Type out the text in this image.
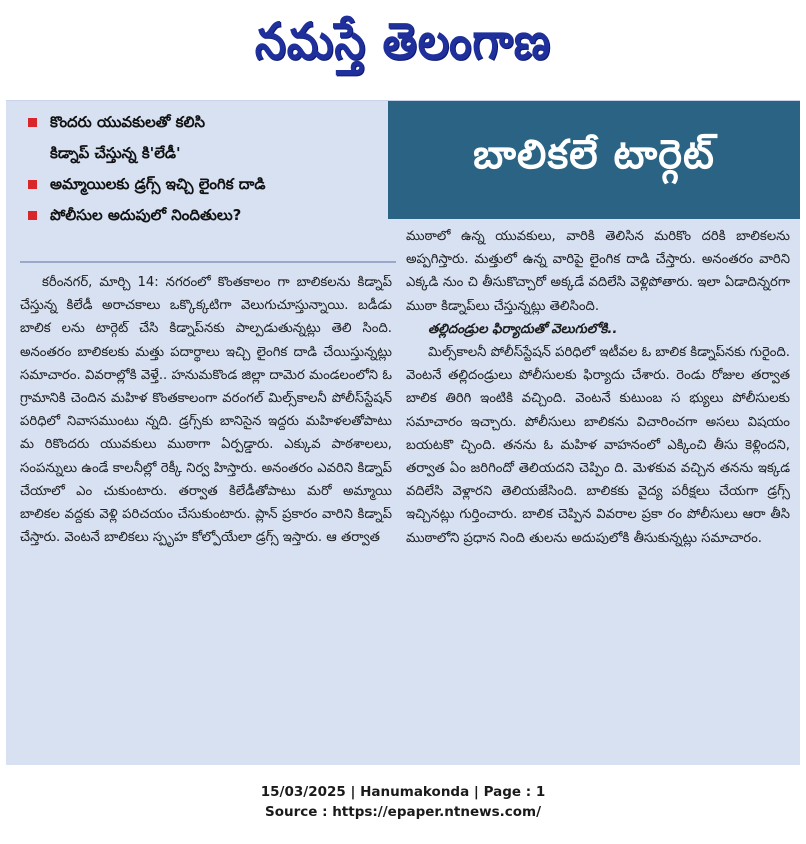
నమస్తే తెలంగాణ
కొందరు యువకులతో కలిసి
కిడ్నాప్ చేస్తున్న కి'లేడీ'
అమ్మాయిలకు డ్రగ్స్ ఇచ్చి లైంగిక దాడి
పోలీసుల అదుపులో నిందితులు?
బాలికలే టార్గెట్
కరీంనగర్, మార్చి 14: నగరంలో కొంతకాలం గా బాలికలను కిడ్నాప్ చేస్తున్న కిలేడీ అరాచకాలు ఒక్కొక్కటిగా వెలుగుచూస్తున్నాయి. బడీడు బాలిక లను టార్గెట్ చేసి కిడ్నాప్‌నకు పాల్పడుతున్నట్లు తెలి సింది. అనంతరం బాలికలకు మత్తు పదార్థాలు ఇచ్చి లైంగిక దాడి చేయిస్తున్నట్లు సమాచారం. వివరాల్లోకి వెళ్తే.. హనుమకొండ జిల్లా దామెర మండలంలోని ఓ గ్రామానికి చెందిన మహిళ కొంతకాలంగా వరంగల్ మిల్స్‌కాలనీ పోలీస్‌స్టేషన్ పరిధిలో నివాసముంటు న్నది. డ్రగ్స్‌కు బానిసైన ఇద్దరు మహిళలతోపాటు మ రికొందరు యువకులు ముఠాగా ఏర్పడ్డారు. ఎక్కువ పాఠశాలలు, సంపన్నులు ఉండే కాలనీల్లో రెక్కీ నిర్వ హిస్తారు. అనంతరం ఎవరిని కిడ్నాప్ చేయాలో ఎం చుకుంటారు. తర్వాత కిలేడీతోపాటు మరో అమ్మాయి బాలికల వద్దకు వెళ్లి పరిచయం చేసుకుంటారు. ప్లాన్ ప్రకారం వారిని కిడ్నాప్ చేస్తారు. వెంటనే బాలికలు స్పృహ కోల్పోయేలా డ్రగ్స్ ఇస్తారు. ఆ తర్వాత
ముఠాలో ఉన్న యువకులు, వారికి తెలిసిన మరికొం దరికి బాలికలను అప్పగిస్తారు. మత్తులో ఉన్న వారిపై లైంగిక దాడి చేస్తారు. అనంతరం వారిని ఎక్కడి నుం చి తీసుకొచ్చారో అక్కడే వదిలేసి వెళ్లిపోతారు. ఇలా ఏడాదిన్నరగా ముఠా కిడ్నాప్‌లు చేస్తున్నట్లు తెలిసింది.
తల్లిదండ్రుల ఫిర్యాదుతో వెలుగులోకి..
మిల్స్‌కాలనీ పోలీస్‌స్టేషన్ పరిధిలో ఇటీవల ఓ బాలిక కిడ్నాప్‌నకు గురైంది. వెంటనే తల్లిదండ్రులు పోలీసులకు ఫిర్యాదు చేశారు. రెండు రోజుల తర్వాత బాలిక తిరిగి ఇంటికి వచ్చింది. వెంటనే కుటుంబ స భ్యులు పోలీసులకు సమాచారం ఇచ్చారు. పోలీసులు బాలికను విచారించగా అసలు విషయం బయటకొ చ్చింది. తనను ఓ మహిళ వాహనంలో ఎక్కించి తీసు కెళ్లిందని, తర్వాత ఏం జరిగిందో తెలియదని చెప్పిం ది. మెళకువ వచ్చిన తనను ఇక్కడ వదిలేసి వెళ్లారని తెలియజేసింది. బాలికకు వైద్య పరీక్షలు చేయగా డ్రగ్స్ ఇచ్చినట్లు గుర్తించారు. బాలిక చెప్పిన వివరాల ప్రకా రం పోలీసులు ఆరా తీసి ముఠాలోని ప్రధాన నింది తులను అదుపులోకి తీసుకున్నట్లు సమాచారం.
15/03/2025 | Hanumakonda | Page : 1
Source : https://epaper.ntnews.com/
